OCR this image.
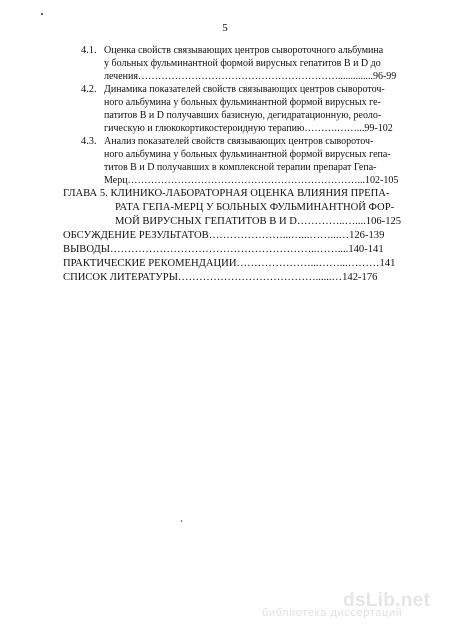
5
4.1. Оценка свойств связывающих центров сывороточного альбумина
у больных фульминантной формой вирусных гепатитов В и D до
лечения……………………………………………………..............96-99
4.2. Динамика показателей свойств связывающих центров сывороточ-
ного альбумина у больных фульминантной формой вирусных ге-
патитов В и D получавших базисную, дегидратационную, реоло-
гическую и глюкокортикостероидную терапию……….……...99-102
4.3. Анализ показателей свойств связывающих центров сывороточ-
ного альбумина у больных фульминантной формой вирусных гепа-
титов В и D получавших в комплексной терапии препарат Гепа-
Мерц……………………………………………………………...102-105
ГЛАВА 5. КЛИНИКО-ЛАБОРАТОРНАЯ ОЦЕНКА ВЛИЯНИЯ ПРЕПА-
РАТА ГЕПА-МЕРЦ У БОЛЬНЫХ ФУЛЬМИНАНТНОЙ ФОР-
МОЙ ВИРУСНЫХ ГЕПАТИТОВ В И D…………..…....106-125
ОБСУЖДЕНИЕ РЕЗУЛЬТАТОВ…………………...…...……...…126-139
ВЫВОДЫ…………………………………………………..……....140-141
ПРАКТИЧЕСКИЕ РЕКОМЕНДАЦИИ…………………...……...………141
СПИСОК ЛИТЕРАТУРЫ…………………………………......…142-176
dsLib.net
библиотека диссертаций
